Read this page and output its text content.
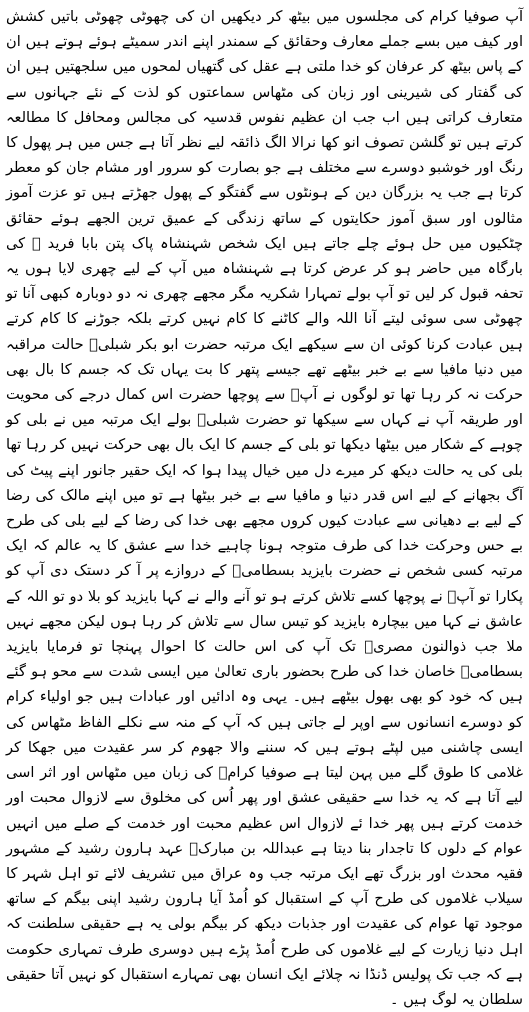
آپ صوفیا کرام کی مجلسوں میں بیٹھ کر دیکھیں ان کی چھوٹی چھوٹی باتیں کشش اور کیف میں بسے جملے معارف وحقائق کے سمندر اپنے اندر سمیٹے ہوئے ہوتے ہیں ان کے پاس بیٹھ کر عرفان کو خدا ملتی ہے عقل کی گتھیاں لمحوں میں سلجھتیں ہیں ان کی گفتار کی شیرینی اور زبان کی مٹھاس سماعتوں کو لذت کے نئے جہانوں سے متعارف کراتی ہیں اب جب ان عظیم نفوس قدسیہ کی مجالس ومحافل کا مطالعہ کرتے ہیں تو گلشن تصوف انو کھا نرالا الگ ذائقہ لیے نظر آتا ہے جس میں ہر پھول کا رنگ اور خوشبو دوسرے سے مختلف ہے جو بصارت کو سرور اور مشام جان کو معطر کرتا ہے جب یہ بزرگان دین کے ہونٹوں سے گفتگو کے پھول جھڑتے ہیں تو عزت آموز مثالوں اور سبق آموز حکایتوں کے ساتھ زندگی کے عمیق ترین الجھے ہوئے حقائق چٹکیوں میں حل ہوئے چلے جاتے ہیں ایک شخص شہنشاہ پاک پتن بابا فرید ؒ کی بارگاہ میں حاضر ہو کر عرض کرتا ہے شہنشاہ میں آپ کے لیے چھری لایا ہوں یہ تحفہ قبول کر لیں تو آپ بولے تمہارا شکریہ مگر مجھے چھری نہ دو دوبارہ کبھی آنا تو چھوٹی سی سوئی لیتے آنا اللہ والے کاٹنے کا کام نہیں کرتے بلکہ جوڑنے کا کام کرتے ہیں عبادت کرنا کوئی ان سے سیکھے ایک مرتبہ حضرت ابو بکر شبلیؒ حالت مراقبہ میں دنیا مافیا سے بے خبر بیٹھے تھے جیسے پتھر کا بت یہاں تک کہ جسم کا بال بھی حرکت نہ کر رہا تھا تو لوگوں نے آپؒ سے پوچھا حضرت اس کمال درجے کی محویت اور طریقہ آپ نے کہاں سے سیکھا تو حضرت شبلیؒ بولے ایک مرتبہ میں نے بلی کو چوہے کے شکار میں بیٹھا دیکھا تو بلی کے جسم کا ایک بال بھی حرکت نہیں کر رہا تھا بلی کی یہ حالت دیکھ کر میرے دل میں خیال پیدا ہوا کہ ایک حقیر جانور اپنے پیٹ کی آگ بجھانے کے لیے اس قدر دنیا و مافیا سے بے خبر بیٹھا ہے تو میں اپنے مالک کی رضا کے لیے بے دھیانی سے عبادت کیوں کروں مجھے بھی خدا کی رضا کے لیے بلی کی طرح بے حس وحرکت خدا کی طرف متوجہ ہونا چاہیے خدا سے عشق کا یہ عالم کہ ایک مرتبہ کسی شخص نے حضرت بایزید بسطامیؒ کے دروازے پر آ کر دستک دی آپ کو پکارا تو آپؒ نے پوچھا کسے تلاش کرتے ہو تو آنے والے نے کہا بایزید کو بلا دو تو اللہ کے عاشق نے کہا میں بیچارہ بایزید کو تیس سال سے تلاش کر رہا ہوں لیکن مجھے نہیں ملا جب ذوالنون مصریؒ تک آپ کی اس حالت کا احوال پہنچا تو فرمایا بایزید بسطامیؒ خاصان خدا کی طرح بحضور باری تعالیٰ میں ایسی شدت سے محو ہو گئے ہیں کہ خود کو بھی بھول بیٹھے ہیں۔ یہی وہ ادائیں اور عبادات ہیں جو اولیاء کرام کو دوسرے انسانوں سے اوپر لے جاتی ہیں کہ آپ کے منہ سے نکلے الفاظ مٹھاس کی ایسی چاشنی میں لپٹے ہوتے ہیں کہ سننے والا جھوم کر سر عقیدت میں جھکا کر غلامی کا طوق گلے میں پہن لیتا ہے صوفیا کرامؒ کی زبان میں مٹھاس اور اثر اسی لیے آتا ہے کہ یہ خدا سے حقیقی عشق اور پھر اُس کی مخلوق سے لازوال محبت اور خدمت کرتے ہیں پھر خدا ئے لازوال اس عظیم محبت اور خدمت کے صلے میں انہیں عوام کے دلوں کا تاجدار بنا دیتا ہے عبداللہ بن مبارکؒ عہد ہارون رشید کے مشہور فقیہ محدث اور بزرگ تھے ایک مرتبہ جب وہ عراق میں تشریف لائے تو اہل شہر کا سیلاب غلاموں کی طرح آپ کے استقبال کو اُمڈ آیا ہارون رشید اپنی بیگم کے ساتھ موجود تھا عوام کی عقیدت اور جذبات دیکھ کر بیگم بولی یہ ہے حقیقی سلطنت کہ اہل دنیا زیارت کے لیے غلاموں کی طرح اُمڈ پڑے ہیں دوسری طرف تمہاری حکومت ہے کہ جب تک پولیس ڈنڈا نہ چلائے ایک انسان بھی تمہارے استقبال کو نہیں آتا حقیقی سلطان یہ لوگ ہیں ۔
